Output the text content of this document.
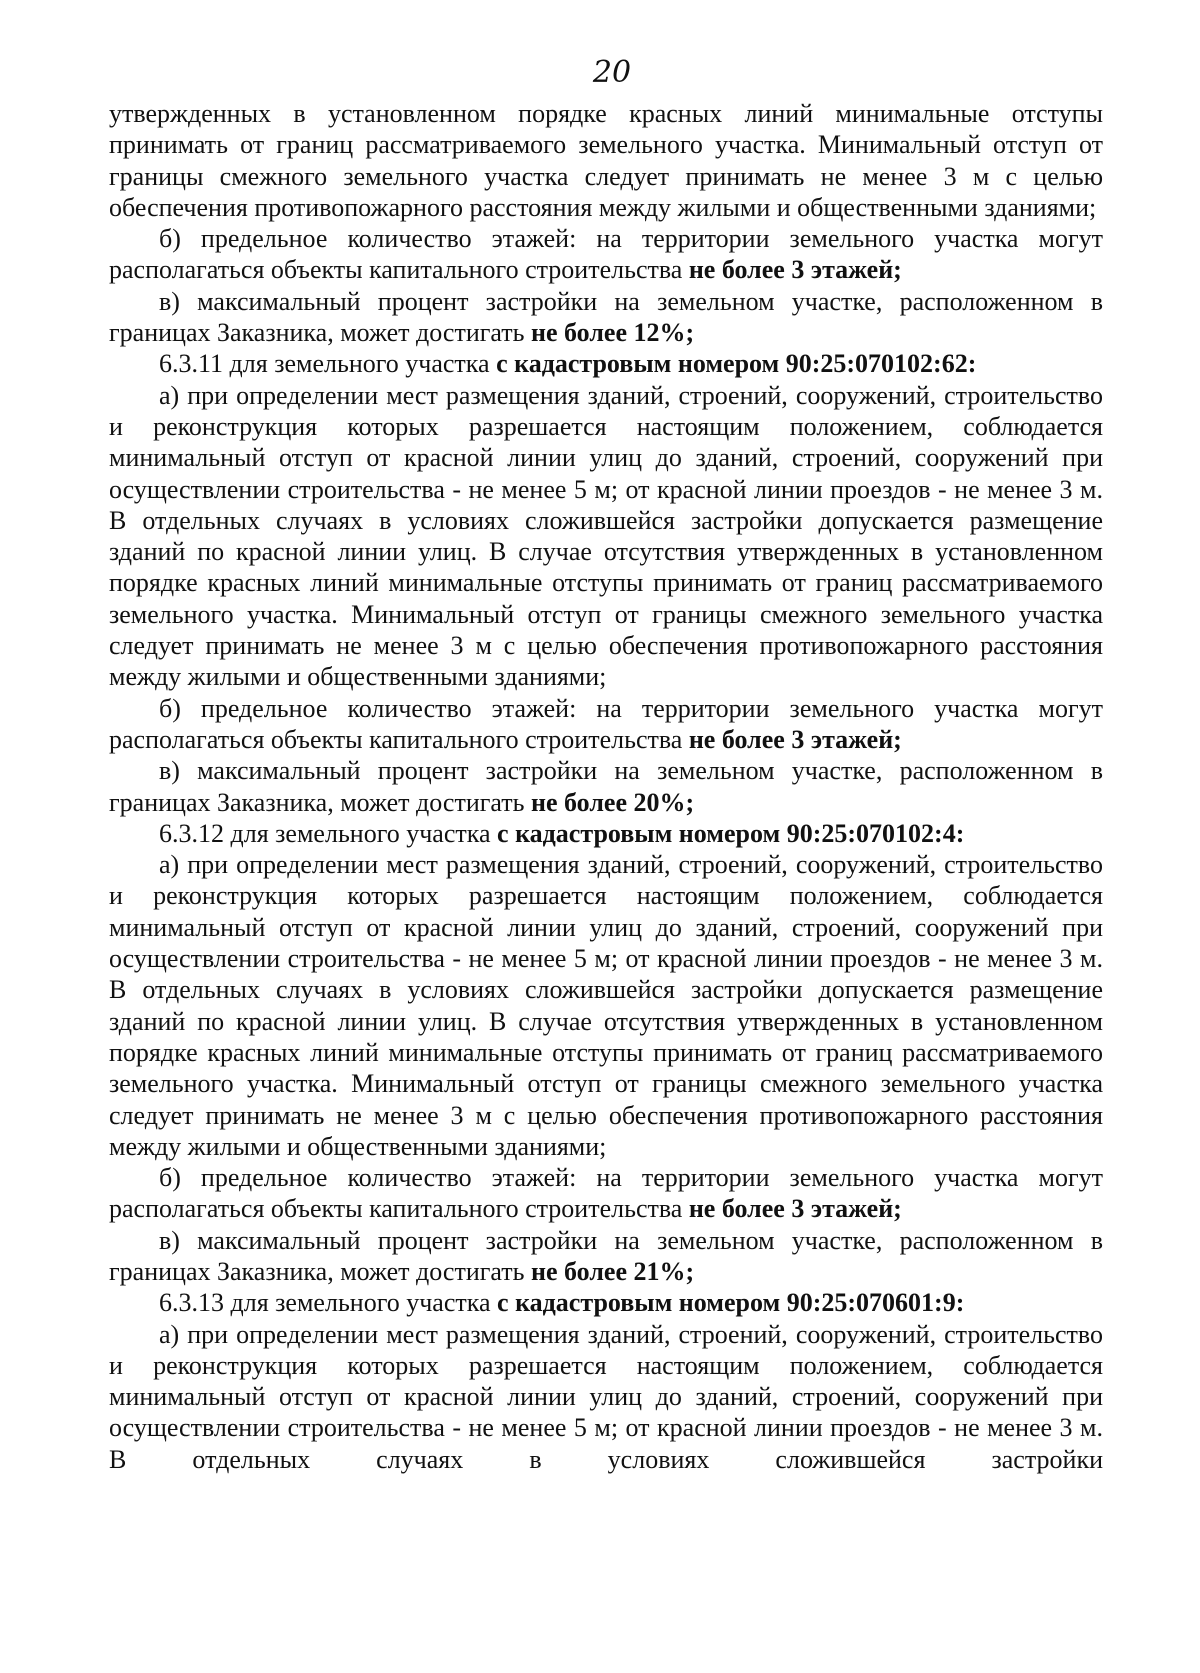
20

утвержденных в установленном порядке красных линий минимальные отступы принимать от границ рассматриваемого земельного участка. Минимальный отступ от границы смежного земельного участка следует принимать не менее 3 м с целью обеспечения противопожарного расстояния между жилыми и общественными зданиями;

б) предельное количество этажей: на территории земельного участка могут располагаться объекты капитального строительства не более 3 этажей;

в) максимальный процент застройки на земельном участке, расположенном в границах Заказника, может достигать не более 12%;

6.3.11 для земельного участка с кадастровым номером 90:25:070102:62:

а) при определении мест размещения зданий, строений, сооружений, строительство и реконструкция которых разрешается настоящим положением, соблюдается минимальный отступ от красной линии улиц до зданий, строений, сооружений при осуществлении строительства - не менее 5 м; от красной линии проездов - не менее 3 м. В отдельных случаях в условиях сложившейся застройки допускается размещение зданий по красной линии улиц. В случае отсутствия утвержденных в установленном порядке красных линий минимальные отступы принимать от границ рассматриваемого земельного участка. Минимальный отступ от границы смежного земельного участка следует принимать не менее 3 м с целью обеспечения противопожарного расстояния между жилыми и общественными зданиями;

б) предельное количество этажей: на территории земельного участка могут располагаться объекты капитального строительства не более 3 этажей;

в) максимальный процент застройки на земельном участке, расположенном в границах Заказника, может достигать не более 20%;

6.3.12 для земельного участка с кадастровым номером 90:25:070102:4:

а) при определении мест размещения зданий, строений, сооружений, строительство и реконструкция которых разрешается настоящим положением, соблюдается минимальный отступ от красной линии улиц до зданий, строений, сооружений при осуществлении строительства - не менее 5 м; от красной линии проездов - не менее 3 м. В отдельных случаях в условиях сложившейся застройки допускается размещение зданий по красной линии улиц. В случае отсутствия утвержденных в установленном порядке красных линий минимальные отступы принимать от границ рассматриваемого земельного участка. Минимальный отступ от границы смежного земельного участка следует принимать не менее 3 м с целью обеспечения противопожарного расстояния между жилыми и общественными зданиями;

б) предельное количество этажей: на территории земельного участка могут располагаться объекты капитального строительства не более 3 этажей;

в) максимальный процент застройки на земельном участке, расположенном в границах Заказника, может достигать не более 21%;

6.3.13 для земельного участка с кадастровым номером 90:25:070601:9:

а) при определении мест размещения зданий, строений, сооружений, строительство и реконструкция которых разрешается настоящим положением, соблюдается минимальный отступ от красной линии улиц до зданий, строений, сооружений при осуществлении строительства - не менее 5 м; от красной линии проездов - не менее 3 м. В отдельных случаях в условиях сложившейся застройки
